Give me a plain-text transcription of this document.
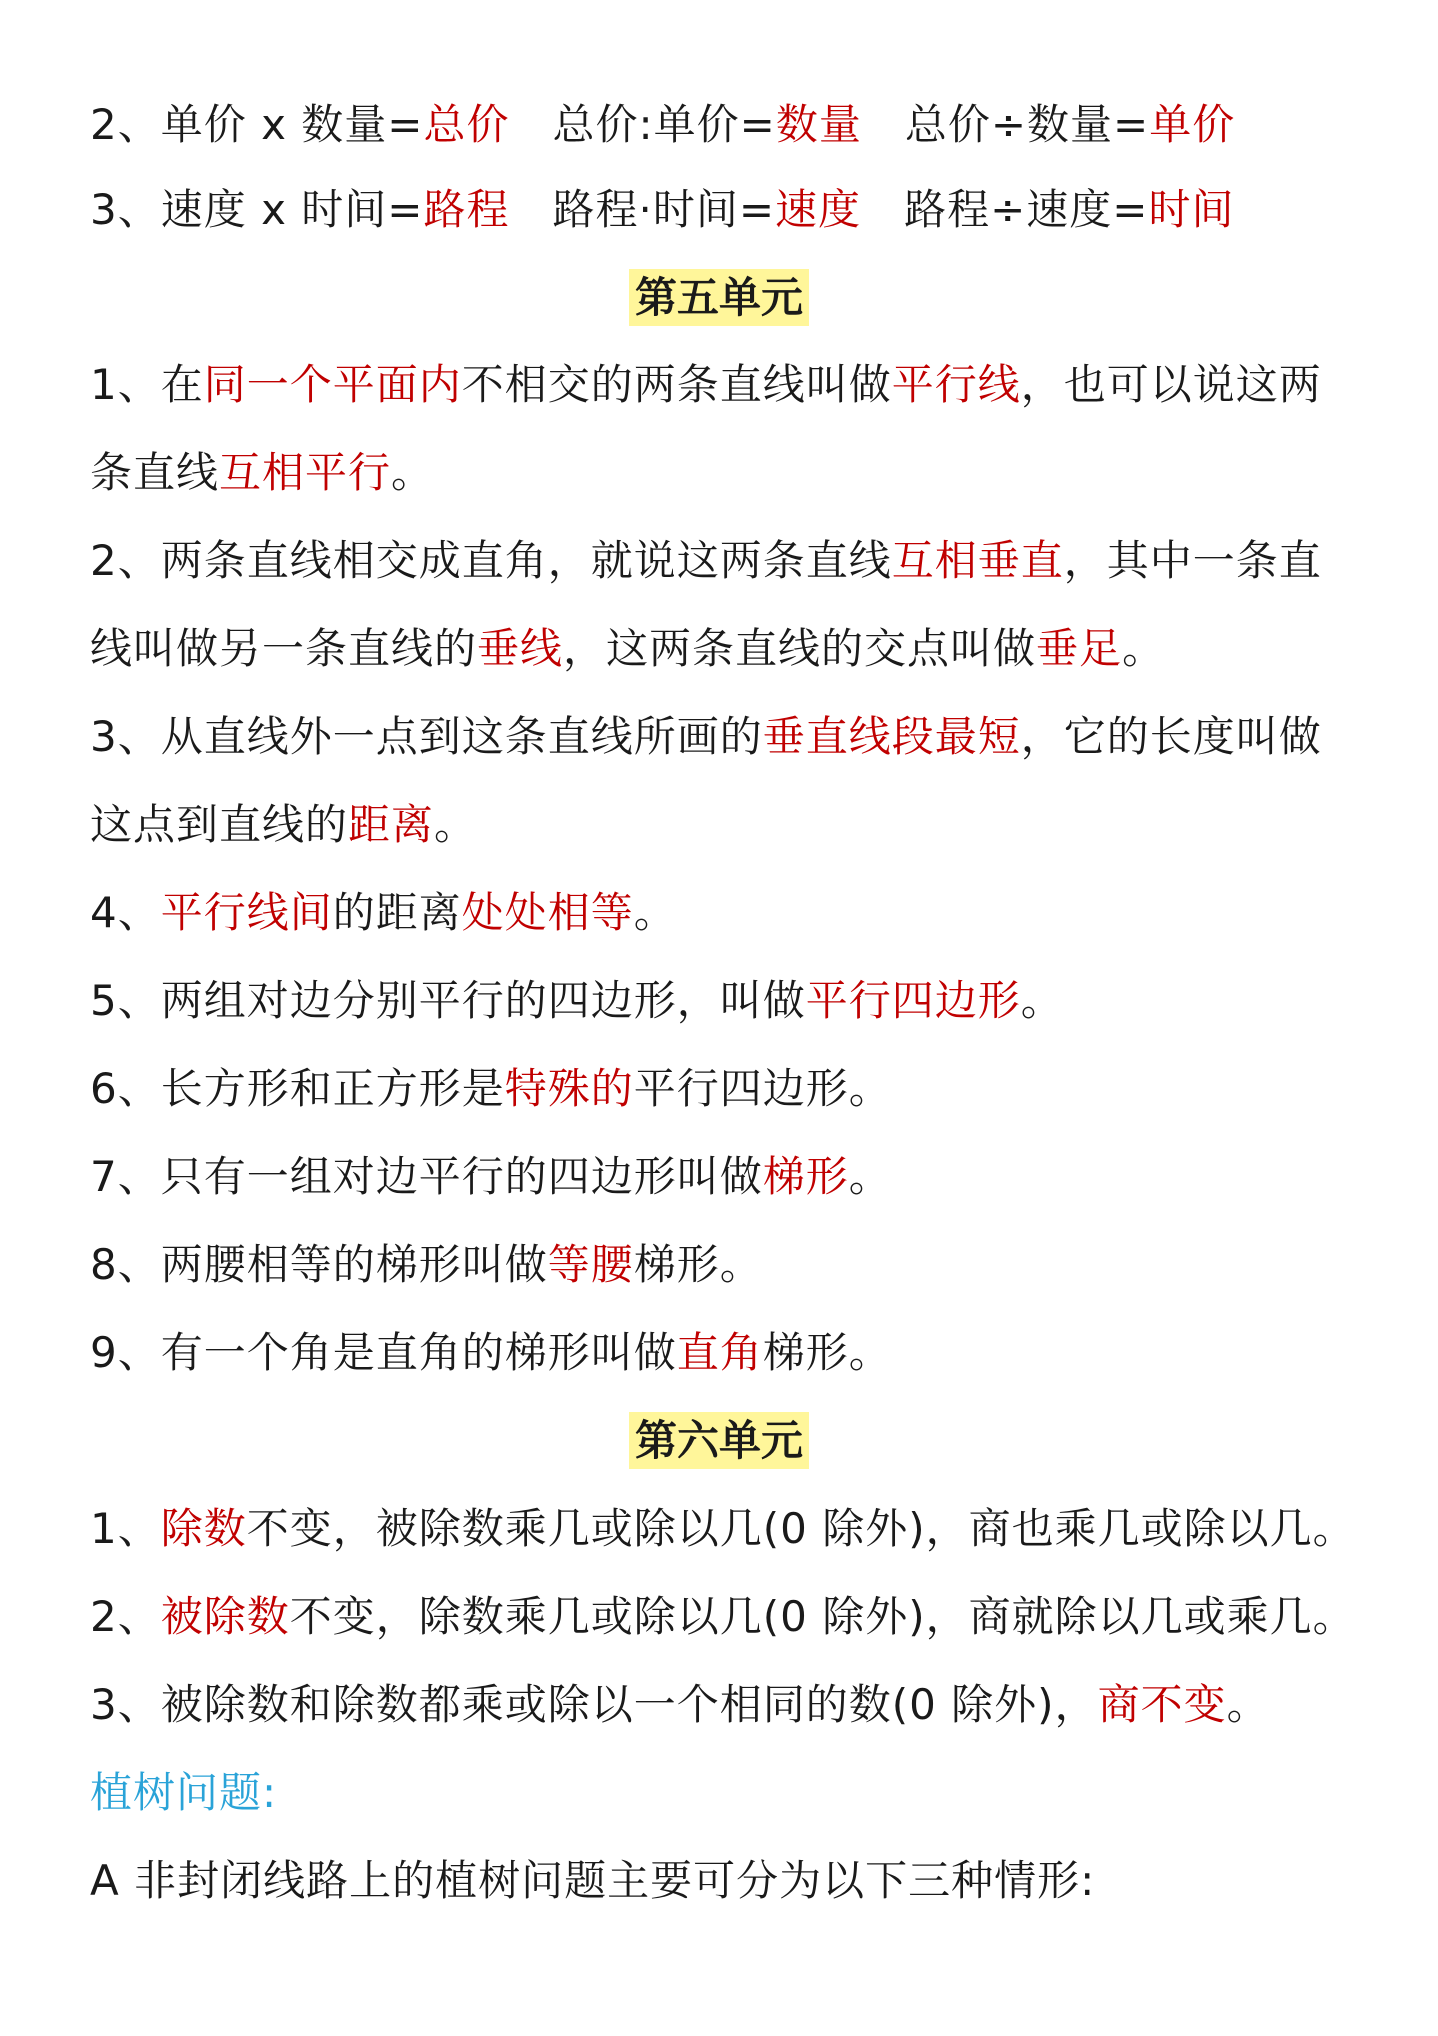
2、单价 x 数量=总价　总价:单价=数量　总价÷数量=单价

3、速度 x 时间=路程　路程·时间=速度　路程÷速度=时间

第五单元

1、在同一个平面内不相交的两条直线叫做平行线，也可以说这两

条直线互相平行。

2、两条直线相交成直角，就说这两条直线互相垂直，其中一条直

线叫做另一条直线的垂线，这两条直线的交点叫做垂足。

3、从直线外一点到这条直线所画的垂直线段最短，它的长度叫做

这点到直线的距离。

4、平行线间的距离处处相等。

5、两组对边分别平行的四边形，叫做平行四边形。

6、长方形和正方形是特殊的平行四边形。

7、只有一组对边平行的四边形叫做梯形。

8、两腰相等的梯形叫做等腰梯形。

9、有一个角是直角的梯形叫做直角梯形。

第六单元

1、除数不变，被除数乘几或除以几(0 除外)，商也乘几或除以几。

2、被除数不变，除数乘几或除以几(0 除外)，商就除以几或乘几。

3、被除数和除数都乘或除以一个相同的数(0 除外)，商不变。

植树问题:

A 非封闭线路上的植树问题主要可分为以下三种情形:
